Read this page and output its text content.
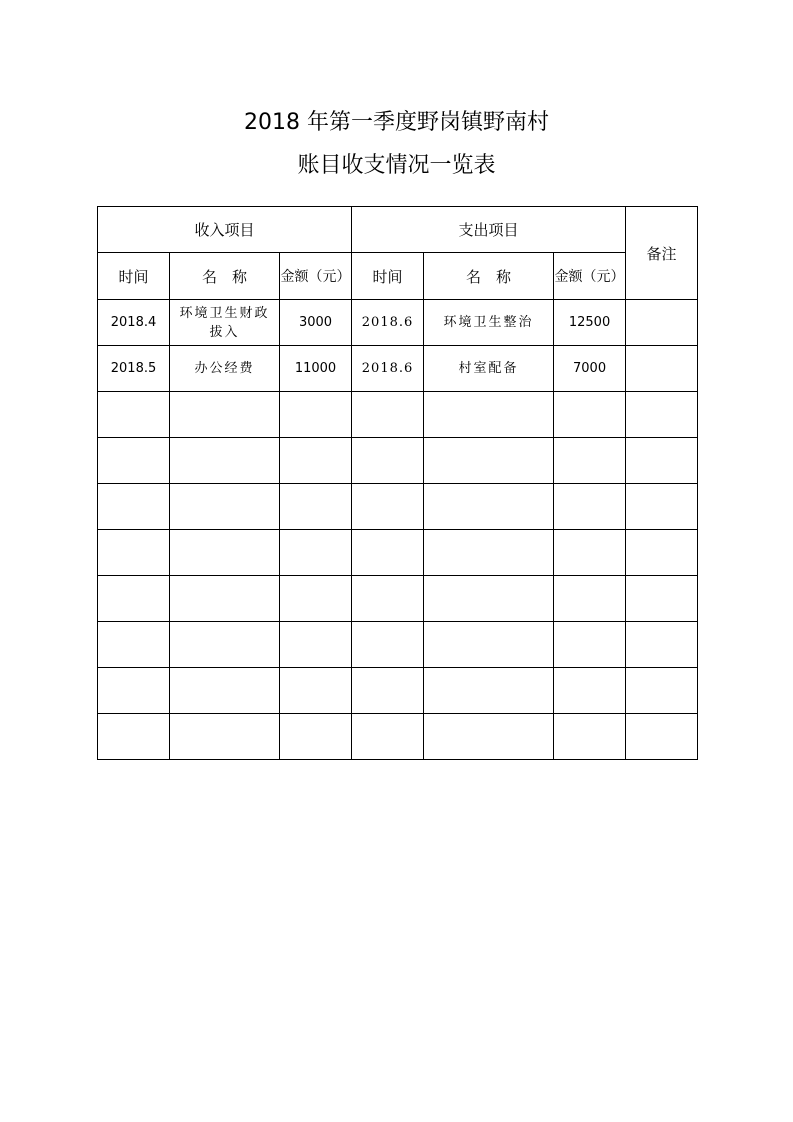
2018 年第一季度野岗镇野南村
账目收支情况一览表
收入项目			支出项目			备注
时间	名　称	金额（元）	时间	名　称	金额（元）	
2018.4	环境卫生财政拔入	3000	2018.6	环境卫生整治	12500	
2018.5	办公经费	11000	2018.6	村室配备	7000	
